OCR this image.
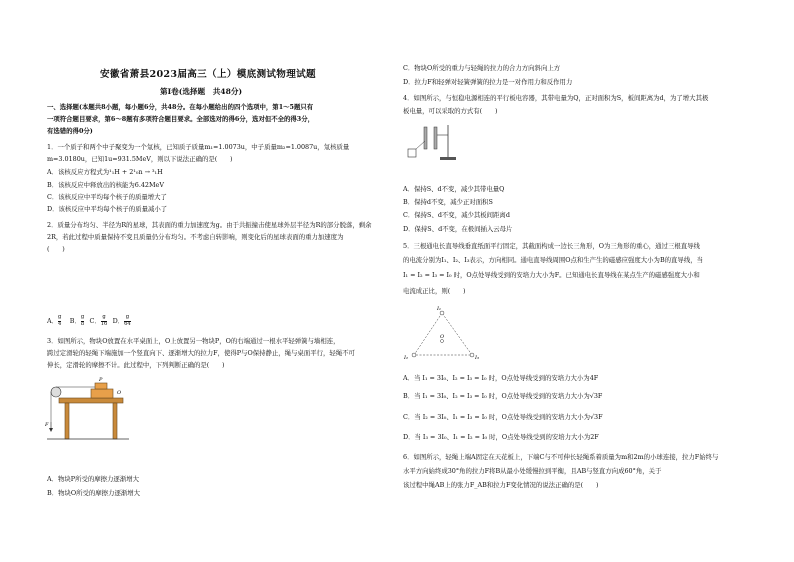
安徽省萧县2023届高三（上）模底测试物理试题
第Ⅰ卷(选择题　共48分)
一、选择题(本题共8小题，每小题6分，共48分。在每小题给出的四个选项中，第1～5题只有
一项符合题目要求，第6～8题有多项符合题目要求。全部选对的得6分，选对但不全的得3分，
有选错的得0分)
1．一个质子和两个中子聚变为一个氚核，已知质子质量m₁=1.0073u，中子质量m₂=1.0087u，氚核质量
m=3.0180u，已知1u=931.5MeV，则以下说法正确的是(　　)
A．该核反应方程式为¹₁H + 2¹₀n → ³₁H
B．该核反应中释放出的核能为6.42MeV
C．该核反应中平均每个核子的质量增大了
D．该核反应中平均每个核子的质量减小了
2．质量分布均匀、半径为R的星球，其表面的重力加速度为g。由于共振撞击使星球外层半径为R的部分脱落，剩余
2R，若此过程中质量保持不变且质量仍分布均匀。不考虑自转影响，则变化后的星球表面的重力加速度为
(　　)
A． $\frac{g}{4}$
  B． $\frac{g}{8}$
  C． $\frac{g}{16}$
  D． $\frac{g}{64}$
3．如图所示，物块O放置在水平桌面上，O上放置另一物块P，O的右端通过一根水平轻弹簧与墙相连，
跨过定滑轮的轻绳下端施加一个竖直向下、逐渐增大的拉力F，使得P与O保持静止，绳与桌面平行，轻绳不可
伸长，定滑轮的摩擦不计。此过程中，下列判断正确的是(　　)
P
O
F
A．物块P所受的摩擦力逐渐增大
B．物块O所受的摩擦力逐渐增大
C．物块O所受的重力与轻绳的拉力的合力方向斜向上方
D．拉力F和轻弹对轻簧弹簧的拉力是一对作用力和反作用力
4．如图所示，与恒稳电源相连的平行板电容器，其带电量为Q，正对面积为S，板间距离为d，为了增大其极
板电量，可以采取的方式有(　　)
A．保持S、d不变，减少其带电量Q
B．保持d不变，减少正对面积S
C．保持S、d不变，减少其板间距离d
D．保持S、d不变，在极间插入云母片
5．三根通电长直导线垂直纸面平行固定，其截面构成一边长三角形，O为三角形的重心，通过三根直导线
的电流分别为I₁、I₂、I₃表示，方向相同。通电直导线周围O点和生产生的磁感应强度大小为B的直导线，当
I₁ = I₂ = I₃ = I₀ 时，O点处导线受到的安培力大小为F。已知通电长直导线在某点生产的磁感强度大小和
电流成正比，则(　　)
I₁
I₂	I₃
O
A．当 I₁ = 3I₀、I₂ = I₃ = I₀ 时，O点处导线受到的安培力大小为4F
B．当 I₁ = 3I₀、I₂ = I₃ = I₀ 时，O点处导线受到的安培力大小为√3F
C．当 I₂ = 3I₀、I₁ = I₃ = I₀ 时，O点处导线受到的安培力大小为√3F
D．当 I₃ = 3I₀、I₁ = I₂ = I₀ 时，O点处导线受到的安培力大小为2F
6．如图所示，轻绳上端A固定在天花板上，下端C与不可伸长轻绳系着质量为m和2m的小球连接，拉力F始终与
水平方向始终成30°角的拉力F将B从最小处缓慢拉到平衡，且AB与竖直方向成60°角，关于
该过程中绳AB上的张力F_AB和拉力F变化情况的说法正确的是(　　)
